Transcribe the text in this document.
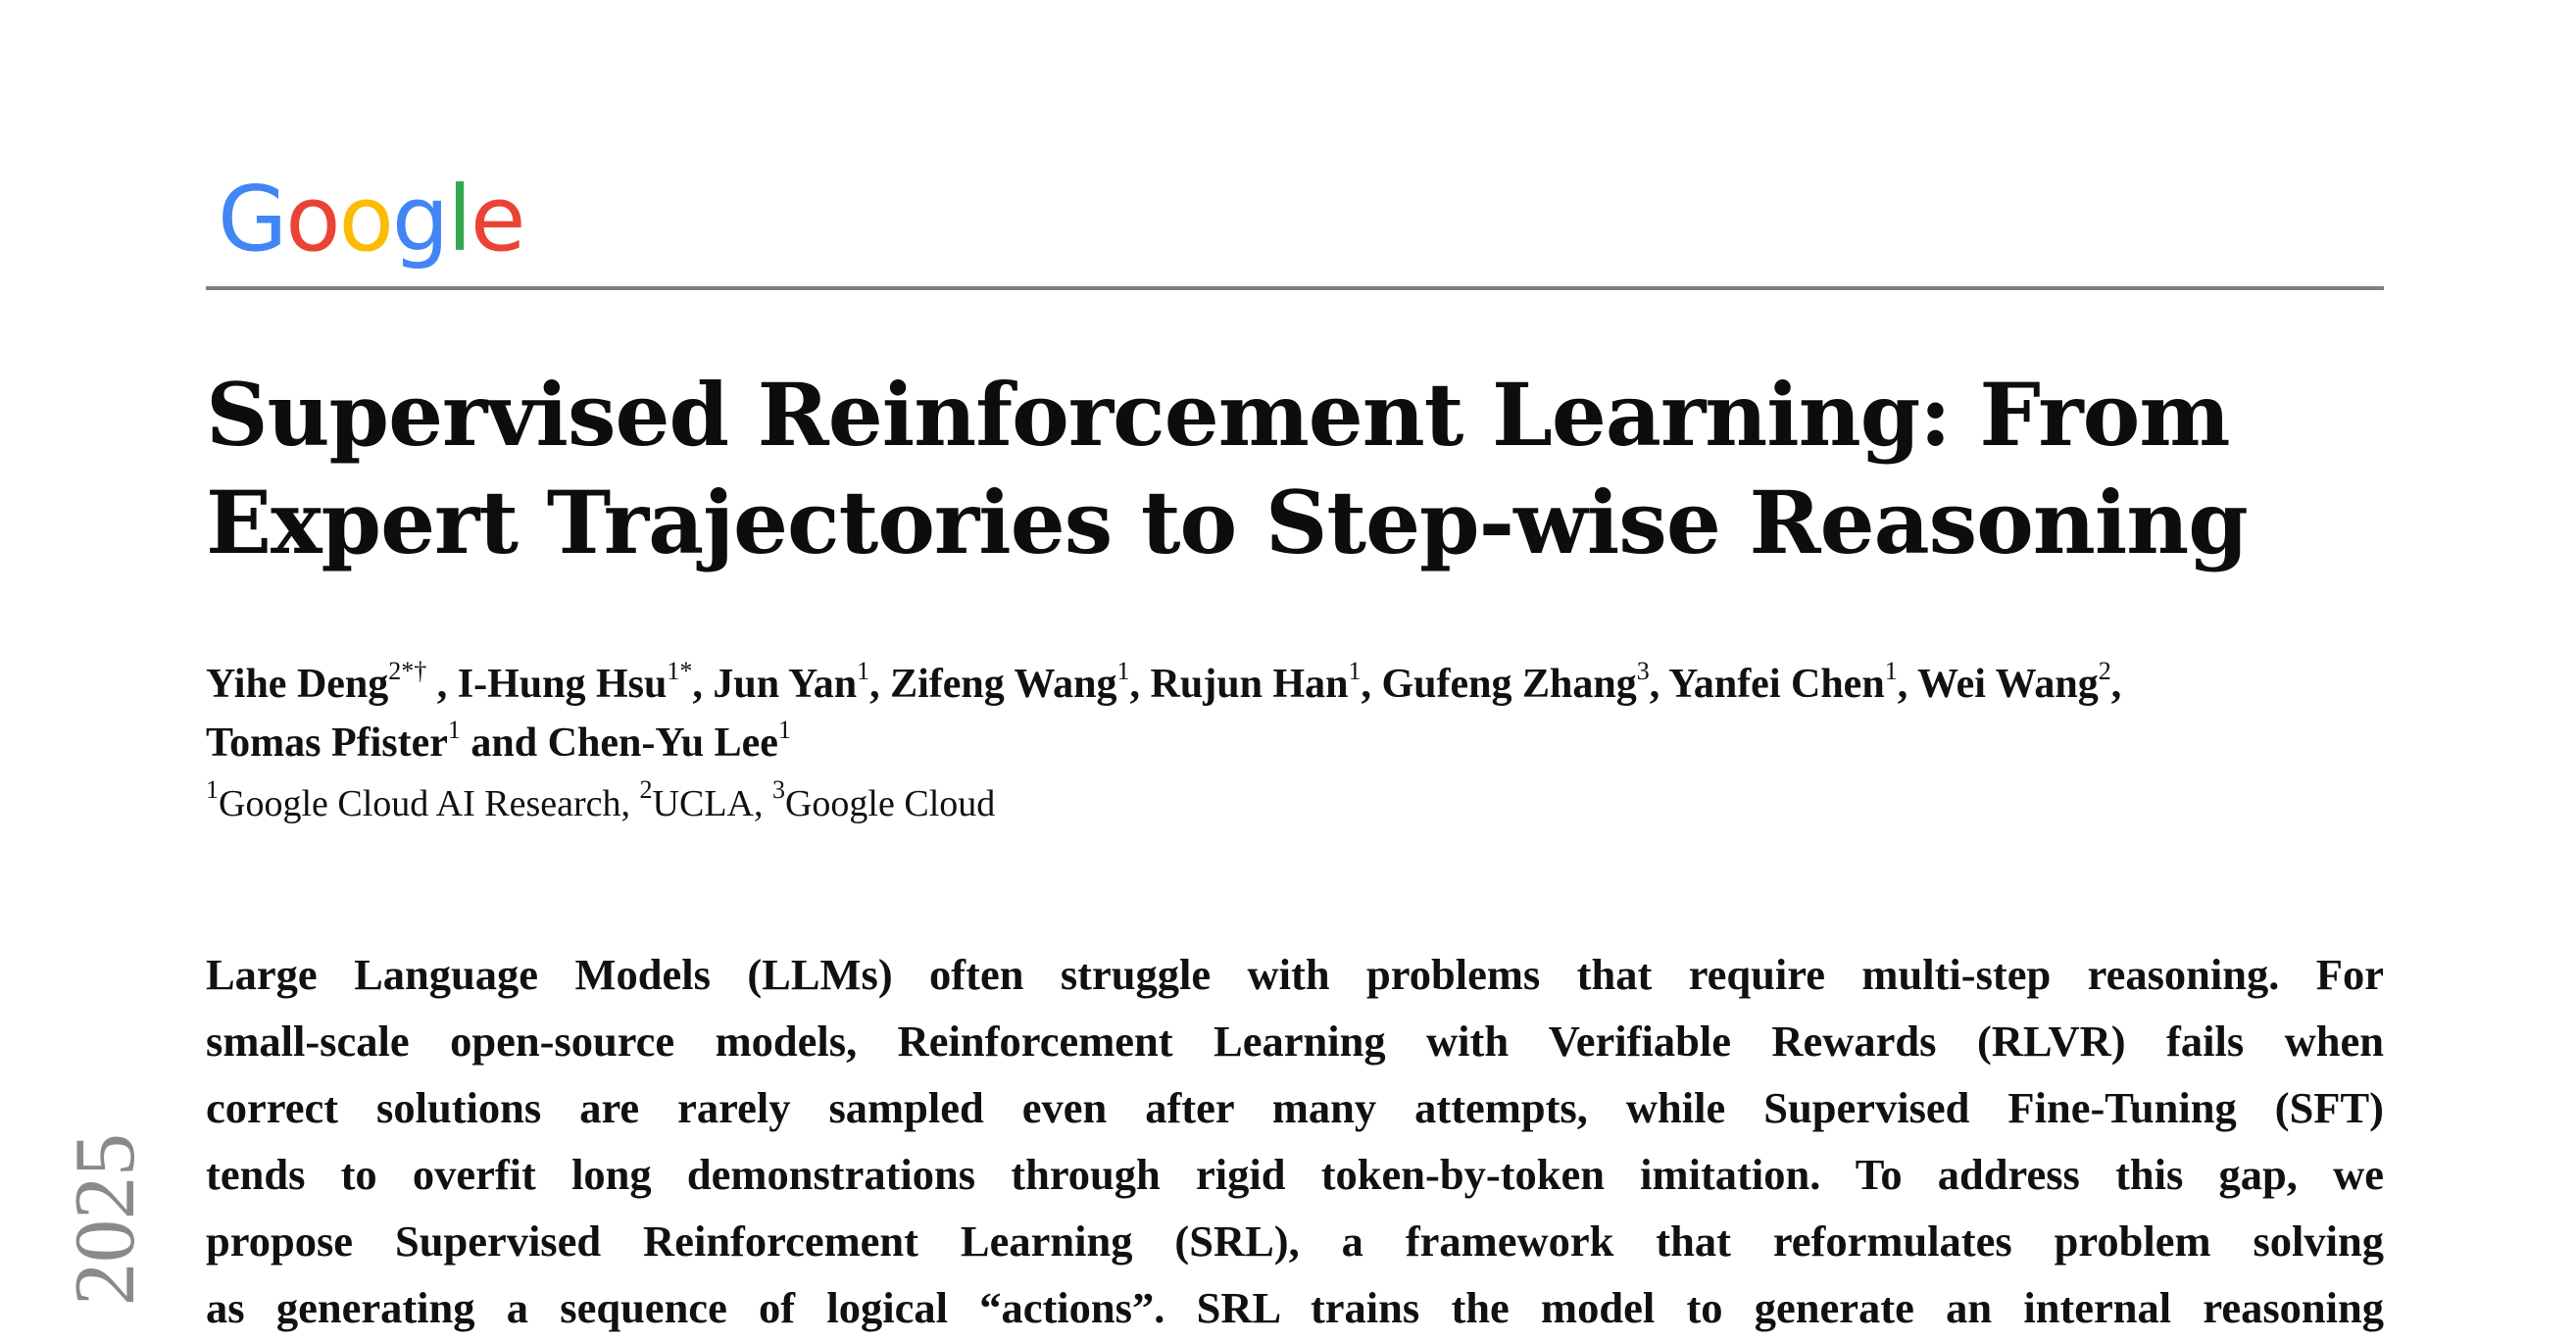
Google
Supervised Reinforcement Learning: From
Expert Trajectories to Step-wise Reasoning
Yihe Deng$^{2*\dagger}$ , I-Hung Hsu$^{1*}$, Jun Yan$^1$, Zifeng Wang$^1$, Rujun Han$^1$, Gufeng Zhang$^3$, Yanfei Chen$^1$, Wei Wang$^2$,
Tomas Pfister$^1$ and Chen-Yu Lee$^1$
$^1$Google Cloud AI Research, $^2$UCLA, $^3$Google Cloud
Large Language Models (LLMs) often struggle with problems that require multi-step reasoning. For
small-scale open-source models, Reinforcement Learning with Verifiable Rewards (RLVR) fails when
correct solutions are rarely sampled even after many attempts, while Supervised Fine-Tuning (SFT)
tends to overfit long demonstrations through rigid token-by-token imitation. To address this gap, we
propose Supervised Reinforcement Learning (SRL), a framework that reformulates problem solving
as generating a sequence of logical “actions”. SRL trains the model to generate an internal reasoning
2025
